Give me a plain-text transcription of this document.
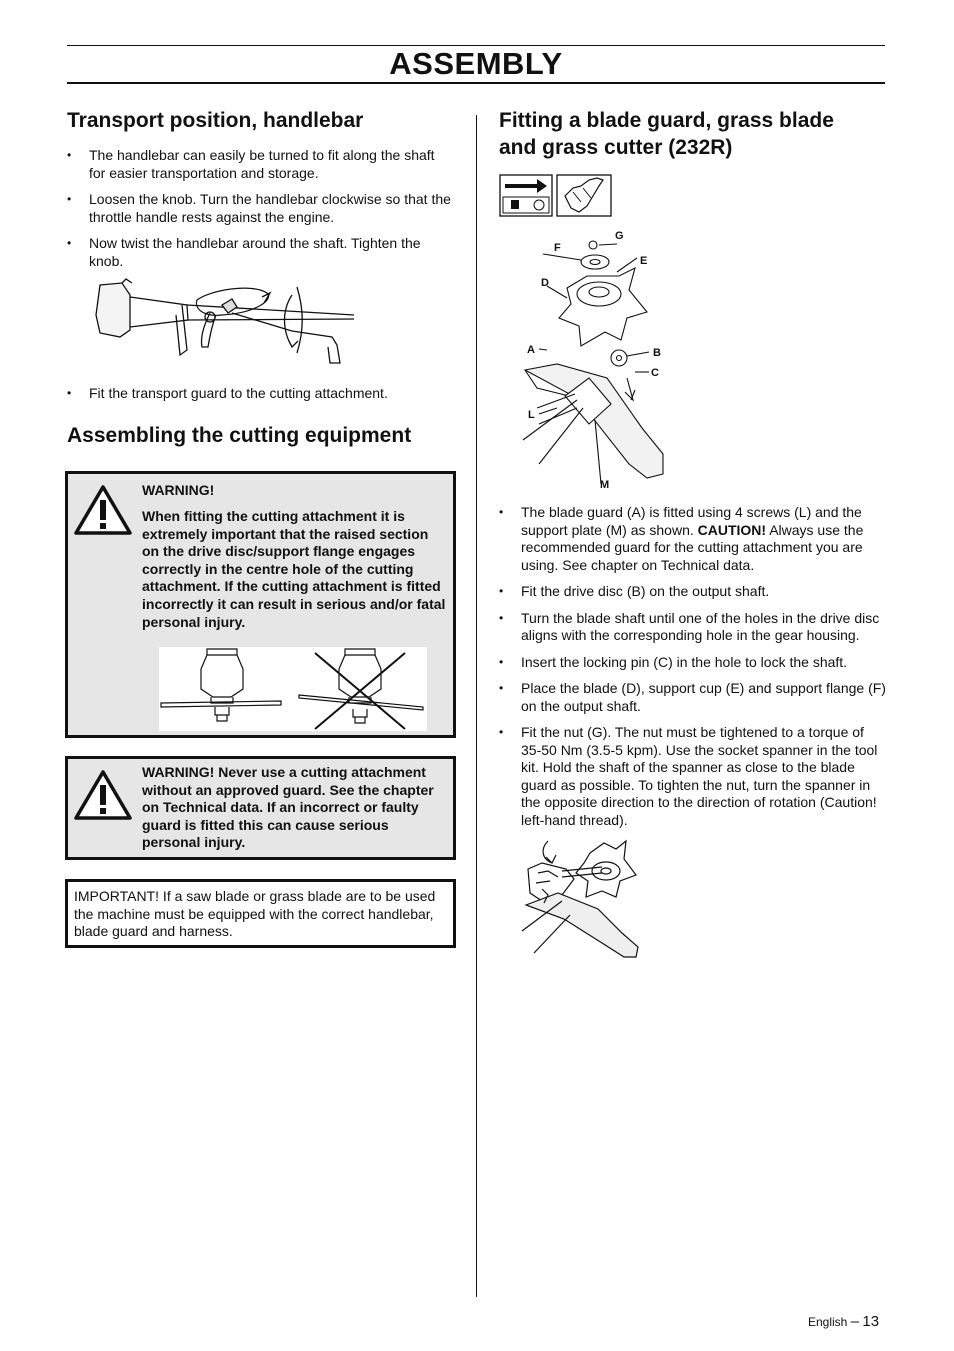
ASSEMBLY
Transport position, handlebar
• The handlebar can easily be turned to fit along the shaft for easier transportation and storage.
• Loosen the knob. Turn the handlebar clockwise so that the throttle handle rests against the engine.
• Now twist the handlebar around the shaft. Tighten the knob.
• Fit the transport guard to the cutting attachment.
Assembling the cutting equipment
WARNING!
When fitting the cutting attachment it is extremely important that the raised section on the drive disc/support flange engages correctly in the centre hole of the cutting attachment. If the cutting attachment is fitted incorrectly it can result in serious and/or fatal personal injury.
WARNING! Never use a cutting attachment without an approved guard. See the chapter on Technical data. If an incorrect or faulty guard is fitted this can cause serious personal injury.
IMPORTANT! If a saw blade or grass blade are to be used the machine must be equipped with the correct handlebar, blade guard and harness.
Fitting a blade guard, grass blade
and grass cutter (232R)
G
F
E
D
A	B
C
L
M
• The blade guard (A) is fitted using 4 screws (L) and the support plate (M) as shown. CAUTION! Always use the recommended guard for the cutting attachment you are using. See chapter on Technical data.
• Fit the drive disc (B) on the output shaft.
• Turn the blade shaft until one of the holes in the drive disc aligns with the corresponding hole in the gear housing.
• Insert the locking pin (C) in the hole to lock the shaft.
• Place the blade (D), support cup (E) and support flange (F) on the output shaft.
• Fit the nut (G). The nut must be tightened to a torque of 35-50 Nm (3.5-5 kpm). Use the socket spanner in the tool kit. Hold the shaft of the spanner as close to the blade guard as possible. To tighten the nut, turn the spanner in the opposite direction to the direction of rotation (Caution! left-hand thread).
English – 13
